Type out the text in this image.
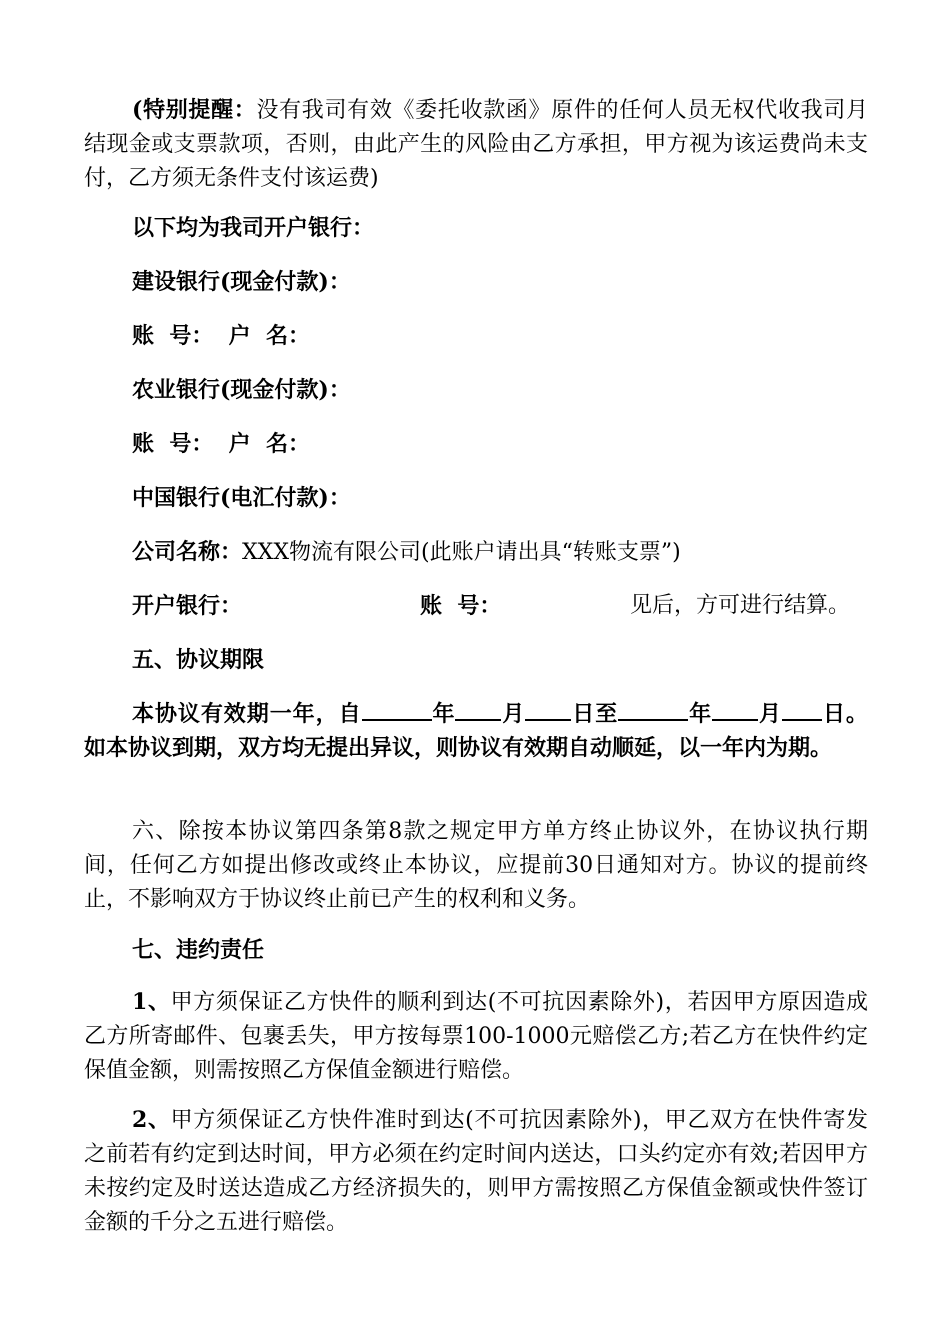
(特别提醒：没有我司有效《委托收款函》原件的任何人员无权代收我司月结现金或支票款项，否则，由此产生的风险由乙方承担，甲方视为该运费尚未支付，乙方须无条件支付该运费)

以下均为我司开户银行：

建设银行(现金付款)：

账  号：  户  名：

农业银行(现金付款)：

账  号：  户  名：

中国银行(电汇付款)：

公司名称：XXX物流有限公司(此账户请出具“转账支票”)

开户银行：	账  号：	见后，方可进行结算。

五、协议期限

本协议有效期一年，自	年 月 日至	年 月 日。如本协议到期，双方均无提出异议，则协议有效期自动顺延，以一年内为期。

六、除按本协议第四条第8款之规定甲方单方终止协议外，在协议执行期间，任何乙方如提出修改或终止本协议，应提前30日通知对方。协议的提前终止，不影响双方于协议终止前已产生的权利和义务。

七、违约责任

1、甲方须保证乙方快件的顺利到达(不可抗因素除外)，若因甲方原因造成乙方所寄邮件、包裹丢失，甲方按每票100-1000元赔偿乙方;若乙方在快件约定保值金额，则需按照乙方保值金额进行赔偿。

2、甲方须保证乙方快件准时到达(不可抗因素除外)，甲乙双方在快件寄发之前若有约定到达时间，甲方必须在约定时间内送达，口头约定亦有效;若因甲方未按约定及时送达造成乙方经济损失的，则甲方需按照乙方保值金额或快件签订金额的千分之五进行赔偿。
